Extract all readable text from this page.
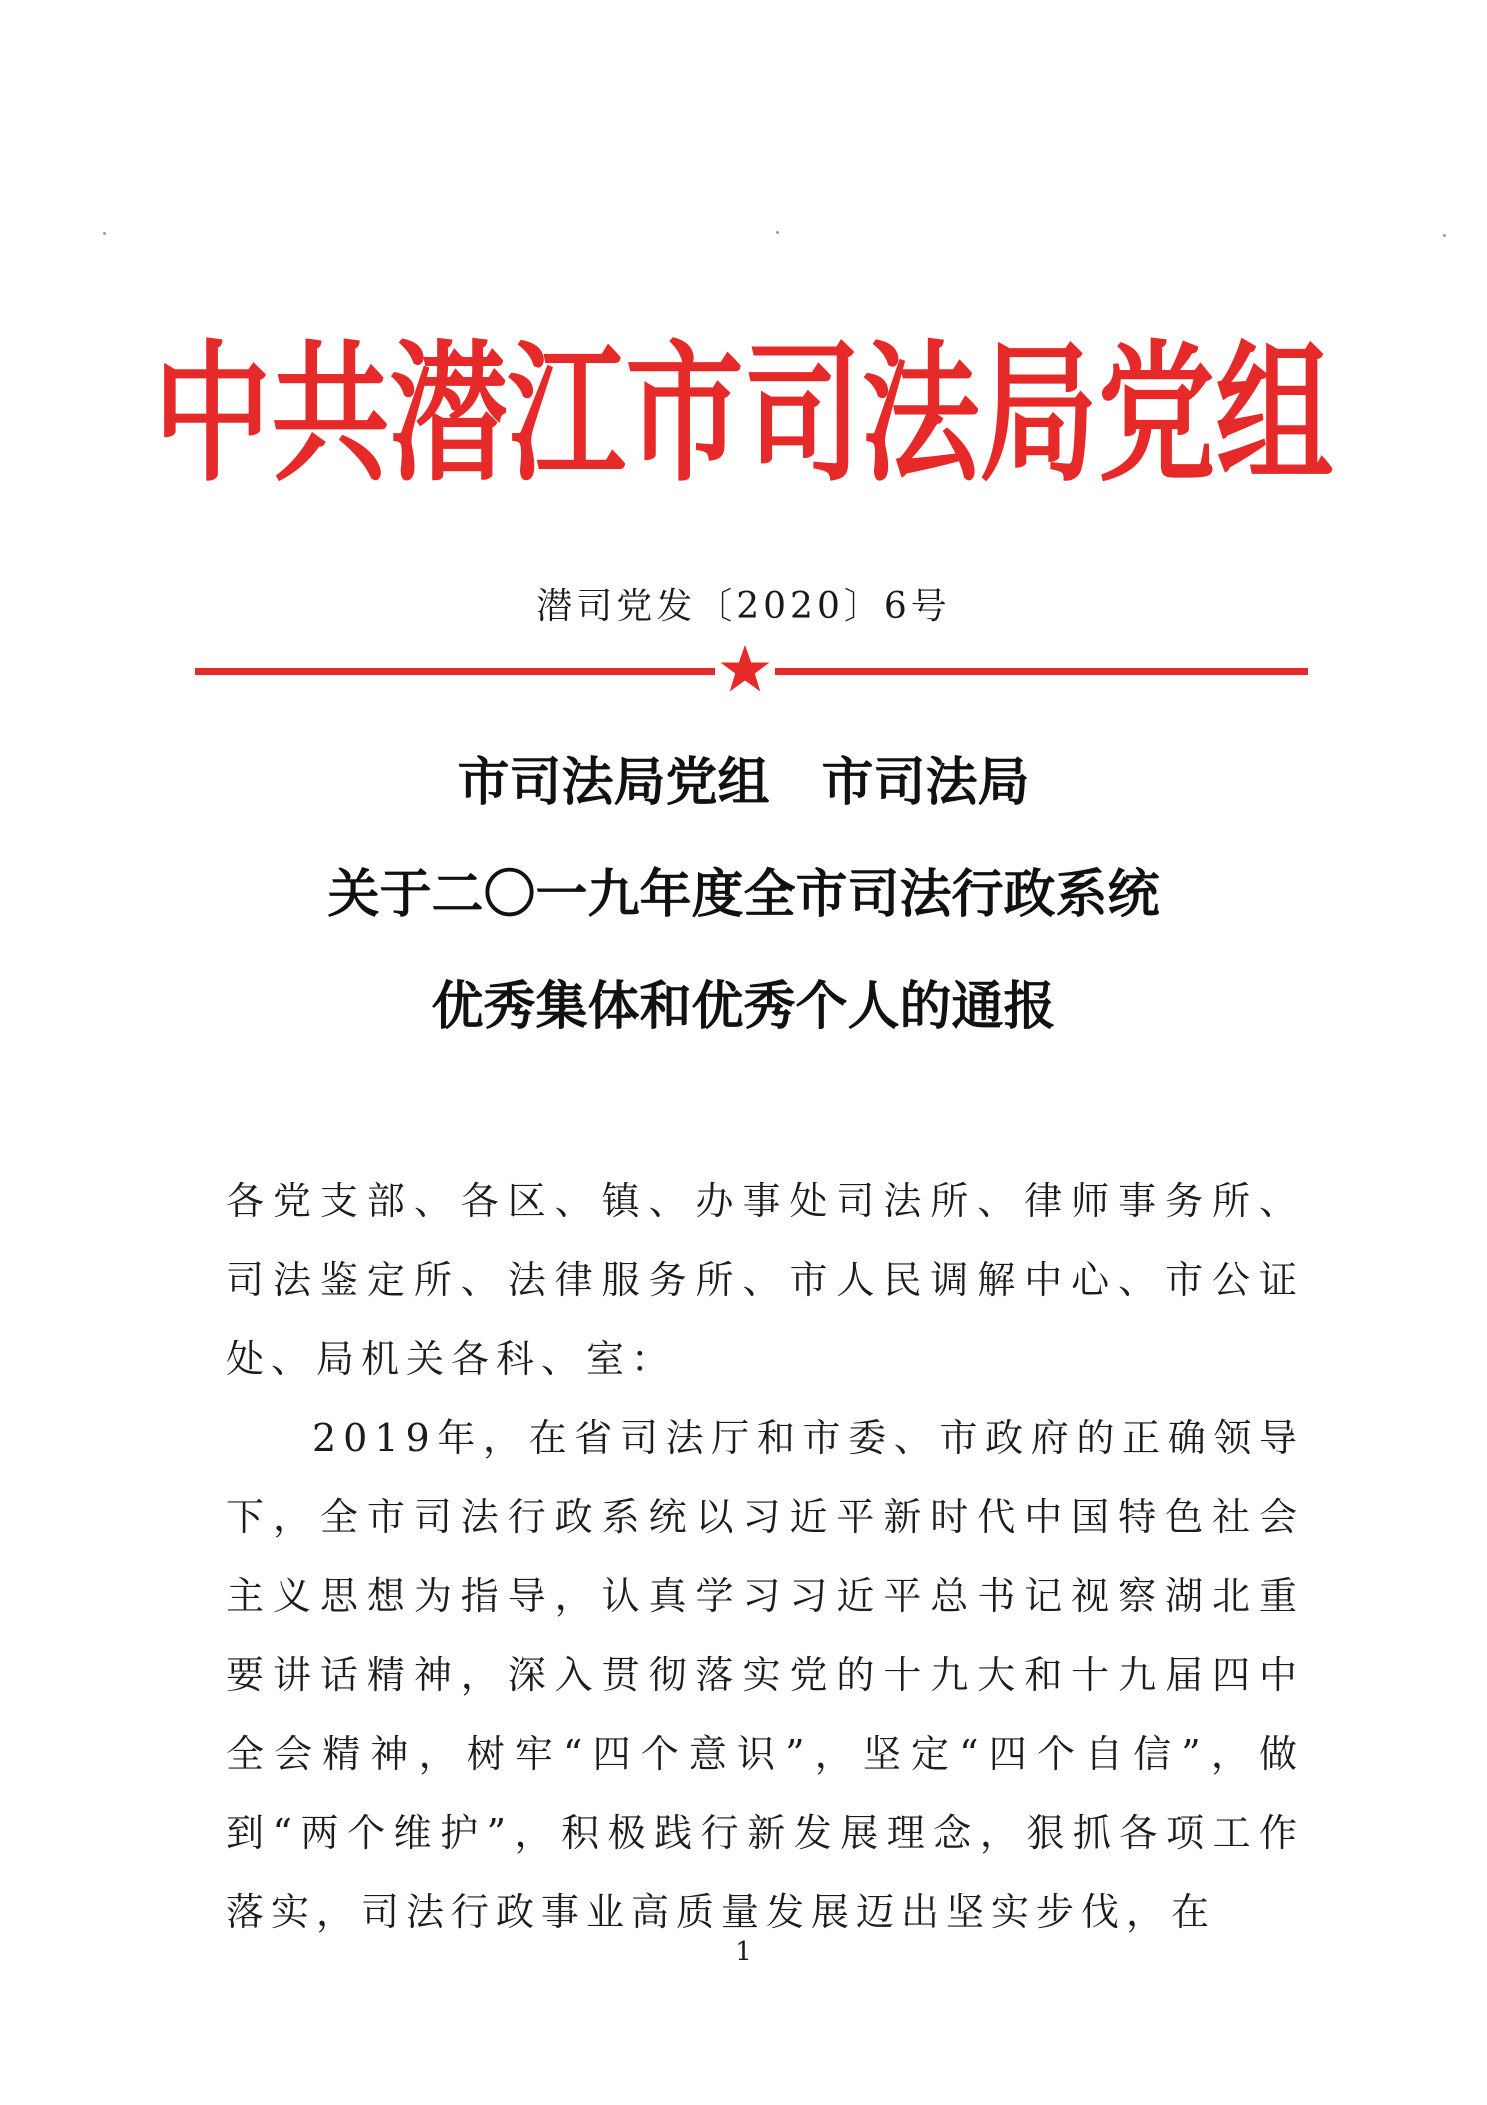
中共潜江市司法局党组
潜司党发〔2020〕6号
市司法局党组 市司法局
关于二〇一九年度全市司法行政系统
优秀集体和优秀个人的通报
各党支部、各区、镇、办事处司法所、律师事务所、司法鉴定所、法律服务所、市人民调解中心、市公证处、局机关各科、室：
2019年，在省司法厅和市委、市政府的正确领导下，全市司法行政系统以习近平新时代中国特色社会主义思想为指导，认真学习习近平总书记视察湖北重要讲话精神，深入贯彻落实党的十九大和十九届四中全会精神，树牢“四个意识”，坚定“四个自信”，做到“两个维护”，积极践行新发展理念，狠抓各项工作落实，司法行政事业高质量发展迈出坚实步伐，在
1
